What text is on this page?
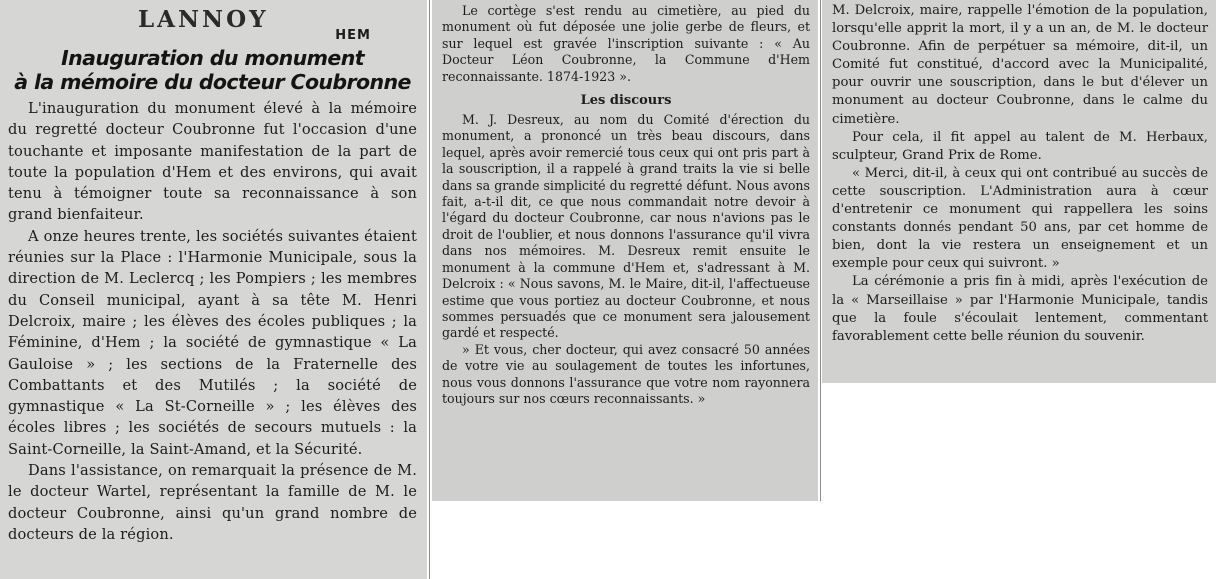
LANNOY
HEM
Inauguration du monument
à la mémoire du docteur Coubronne

L'inauguration du monument élevé à la mémoire du regretté docteur Coubronne fut l'occasion d'une touchante et imposante manifestation de la part de toute la population d'Hem et des environs, qui avait tenu à témoigner toute sa reconnaissance à son grand bienfaiteur.

A onze heures trente, les sociétés suivantes étaient réunies sur la Place : l'Harmonie Municipale, sous la direction de M. Leclercq ; les Pompiers ; les membres du Conseil municipal, ayant à sa tête M. Henri Delcroix, maire ; les élèves des écoles publiques ; la Féminine, d'Hem ; la société de gymnastique « La Gauloise » ; les sections de la Fraternelle des Combattants et des Mutilés ; la société de gymnastique « La St-Corneille » ; les élèves des écoles libres ; les sociétés de secours mutuels : la Saint-Corneille, la Saint-Amand, et la Sécurité.

Dans l'assistance, on remarquait la présence de M. le docteur Wartel, représentant la famille de M. le docteur Coubronne, ainsi qu'un grand nombre de docteurs de la région.

Le cortège s'est rendu au cimetière, au pied du monument où fut déposée une jolie gerbe de fleurs, et sur lequel est gravée l'inscription suivante : « Au Docteur Léon Coubronne, la Commune d'Hem reconnaissante. 1874-1923 ».

Les discours

M. J. Desreux, au nom du Comité d'érection du monument, a prononcé un très beau discours, dans lequel, après avoir remercié tous ceux qui ont pris part à la souscription, il a rappelé à grand traits la vie si belle dans sa grande simplicité du regretté défunt. Nous avons fait, a-t-il dit, ce que nous commandait notre devoir à l'égard du docteur Coubronne, car nous n'avions pas le droit de l'oublier, et nous donnons l'assurance qu'il vivra dans nos mémoires. M. Desreux remit ensuite le monument à la commune d'Hem et, s'adressant à M. Delcroix : « Nous savons, M. le Maire, dit-il, l'affectueuse estime que vous portiez au docteur Coubronne, et nous sommes persuadés que ce monument sera jalousement gardé et respecté.

» Et vous, cher docteur, qui avez consacré 50 années de votre vie au soulagement de toutes les infortunes, nous vous donnons l'assurance que votre nom rayonnera toujours sur nos cœurs reconnaissants. »

M. Delcroix, maire, rappelle l'émotion de la population, lorsqu'elle apprit la mort, il y a un an, de M. le docteur Coubronne. Afin de perpétuer sa mémoire, dit-il, un Comité fut constitué, d'accord avec la Municipalité, pour ouvrir une souscription, dans le but d'élever un monument au docteur Coubronne, dans le calme du cimetière.

Pour cela, il fit appel au talent de M. Herbaux, sculpteur, Grand Prix de Rome.

« Merci, dit-il, à ceux qui ont contribué au succès de cette souscription. L'Administration aura à cœur d'entretenir ce monument qui rappellera les soins constants donnés pendant 50 ans, par cet homme de bien, dont la vie restera un enseignement et un exemple pour ceux qui suivront. »

La cérémonie a pris fin à midi, après l'exécution de la « Marseillaise » par l'Harmonie Municipale, tandis que la foule s'écoulait lentement, commentant favorablement cette belle réunion du souvenir.
